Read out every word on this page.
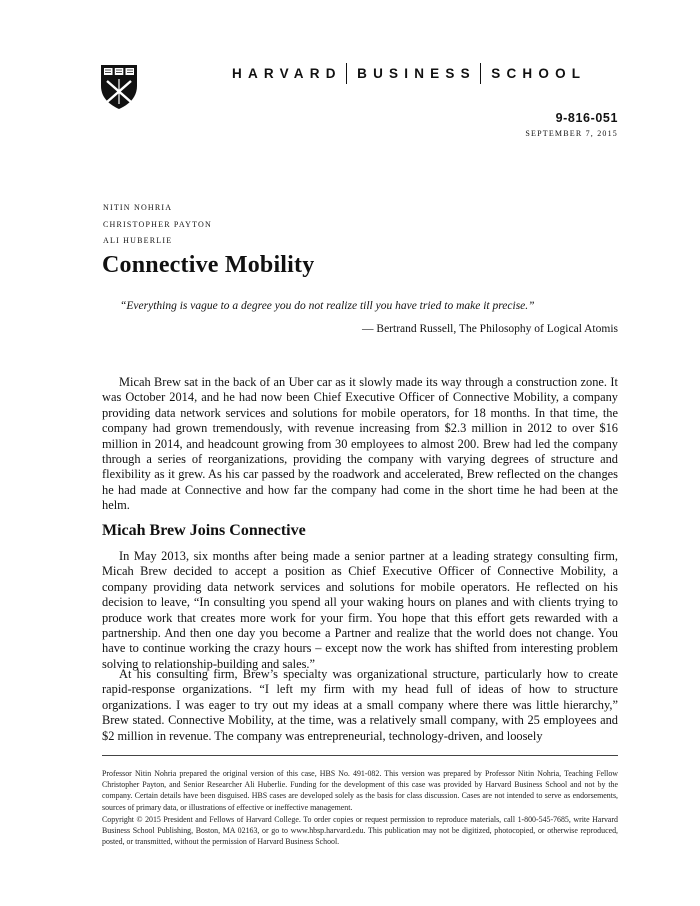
HARVARD BUSINESS SCHOOL
9-816-051
SEPTEMBER 7, 2015
NITIN NOHRIA
CHRISTOPHER PAYTON
ALI HUBERLIE
Connective Mobility
“Everything is vague to a degree you do not realize till you have tried to make it precise.”
— Bertrand Russell, The Philosophy of Logical Atomis

Micah Brew sat in the back of an Uber car as it slowly made its way through a construction zone. It was October 2014, and he had now been Chief Executive Officer of Connective Mobility, a company providing data network services and solutions for mobile operators, for 18 months. In that time, the company had grown tremendously, with revenue increasing from $2.3 million in 2012 to over $16 million in 2014, and headcount growing from 30 employees to almost 200. Brew had led the company through a series of reorganizations, providing the company with varying degrees of structure and flexibility as it grew. As his car passed by the roadwork and accelerated, Brew reflected on the changes he had made at Connective and how far the company had come in the short time he had been at the helm.

Micah Brew Joins Connective

In May 2013, six months after being made a senior partner at a leading strategy consulting firm, Micah Brew decided to accept a position as Chief Executive Officer of Connective Mobility, a company providing data network services and solutions for mobile operators. He reflected on his decision to leave, “In consulting you spend all your waking hours on planes and with clients trying to produce work that creates more work for your firm. You hope that this effort gets rewarded with a partnership. And then one day you become a Partner and realize that the world does not change. You have to continue working the crazy hours – except now the work has shifted from interesting problem solving to relationship-building and sales.”

At his consulting firm, Brew’s specialty was organizational structure, particularly how to create rapid-response organizations. “I left my firm with my head full of ideas of how to structure organizations. I was eager to try out my ideas at a small company where there was little hierarchy,” Brew stated. Connective Mobility, at the time, was a relatively small company, with 25 employees and $2 million in revenue. The company was entrepreneurial, technology-driven, and loosely

Professor Nitin Nohria prepared the original version of this case, HBS No. 491-082. This version was prepared by Professor Nitin Nohria, Teaching Fellow Christopher Payton, and Senior Researcher Ali Huberlie. Funding for the development of this case was provided by Harvard Business School and not by the company. Certain details have been disguised. HBS cases are developed solely as the basis for class discussion. Cases are not intended to serve as endorsements, sources of primary data, or illustrations of effective or ineffective management.

Copyright © 2015 President and Fellows of Harvard College. To order copies or request permission to reproduce materials, call 1-800-545-7685, write Harvard Business School Publishing, Boston, MA 02163, or go to www.hbsp.harvard.edu. This publication may not be digitized, photocopied, or otherwise reproduced, posted, or transmitted, without the permission of Harvard Business School.
